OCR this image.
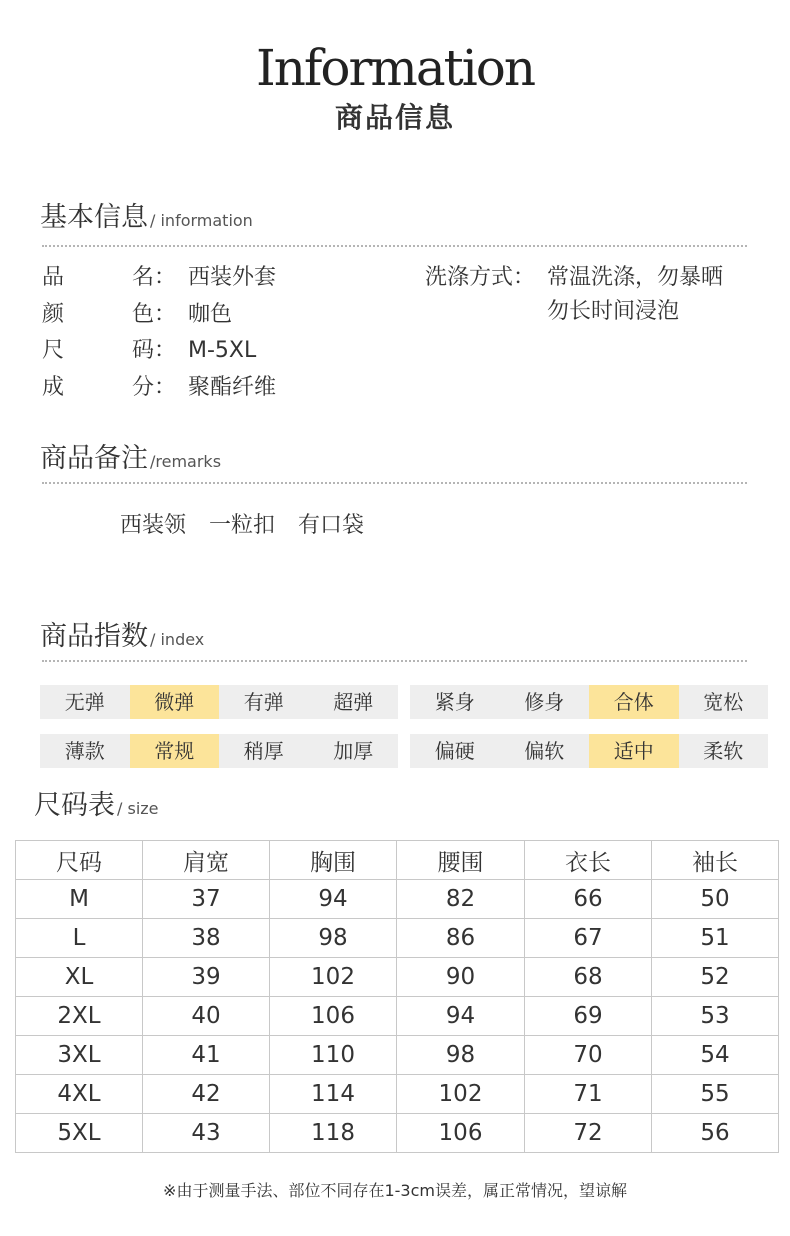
Information
商品信息
基本信息 / information
品	名： 西装外套
颜	色： 咖色
尺	码： M-5XL
成	分： 聚酯纤维
洗涤方式： 常温洗涤，勿暴晒
勿长时间浸泡
商品备注 /remarks
西装领 一粒扣 有口袋
商品指数 / index
无弹	微弹	有弹	超弹	紧身	修身	合体	宽松
薄款	常规	稍厚	加厚	偏硬	偏软	适中	柔软
尺码表 / size
尺码	肩宽	胸围	腰围	衣长	袖长
M	37	94	82	66	50
L	38	98	86	67	51
XL	39	102	90	68	52
2XL	40	106	94	69	53
3XL	41	110	98	70	54
4XL	42	114	102	71	55
5XL	43	118	106	72	56
※由于测量手法、部位不同存在1-3cm误差，属正常情况，望谅解
